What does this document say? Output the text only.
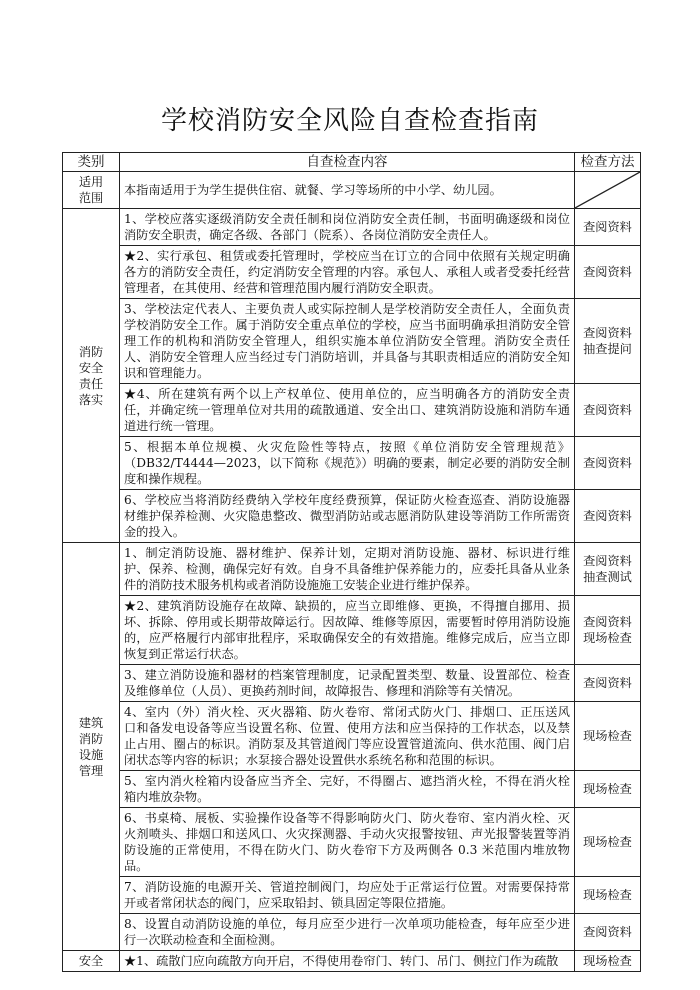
学校消防安全风险自查检查指南
类别	自查检查内容	检查方法

适用
范围	本指南适用于为学生提供住宿、就餐、学习等场所的中小学、幼儿园。	

消防
安全
责任
落实	1、学校应落实逐级消防安全责任制和岗位消防安全责任制，书面明确逐级和岗位消防安全职责，确定各级、各部门（院系）、各岗位消防安全责任人。	查阅资料

	★2、实行承包、租赁或委托管理时，学校应当在订立的合同中依照有关规定明确各方的消防安全责任，约定消防安全管理的内容。承包人、承租人或者受委托经营管理者，在其使用、经营和管理范围内履行消防安全职责。	查阅资料

	3、学校法定代表人、主要负责人或实际控制人是学校消防安全责任人，全面负责学校消防安全工作。属于消防安全重点单位的学校，应当书面明确承担消防安全管理工作的机构和消防安全管理人，组织实施本单位消防安全管理。消防安全责任人、消防安全管理人应当经过专门消防培训，并具备与其职责相适应的消防安全知识和管理能力。	查阅资料
抽查提问

	★4、所在建筑有两个以上产权单位、使用单位的，应当明确各方的消防安全责任，并确定统一管理单位对共用的疏散通道、安全出口、建筑消防设施和消防车通道进行统一管理。	查阅资料

	5、根据本单位规模、火灾危险性等特点，按照《单位消防安全管理规范》（DB32/T4444—2023，以下简称《规范》）明确的要素，制定必要的消防安全制度和操作规程。	查阅资料

	6、学校应当将消防经费纳入学校年度经费预算，保证防火检查巡查、消防设施器材维护保养检测、火灾隐患整改、微型消防站或志愿消防队建设等消防工作所需资金的投入。	查阅资料

建筑
消防
设施
管理	1、制定消防设施、器材维护、保养计划，定期对消防设施、器材、标识进行维护、保养、检测，确保完好有效。自身不具备维护保养能力的，应委托具备从业条件的消防技术服务机构或者消防设施施工安装企业进行维护保养。	查阅资料
抽查测试

	★2、建筑消防设施存在故障、缺损的，应当立即维修、更换，不得擅自挪用、损坏、拆除、停用或长期带故障运行。因故障、维修等原因，需要暂时停用消防设施的，应严格履行内部审批程序，采取确保安全的有效措施。维修完成后，应当立即恢复到正常运行状态。	查阅资料
现场检查

	3、建立消防设施和器材的档案管理制度，记录配置类型、数量、设置部位、检查及维修单位（人员）、更换药剂时间，故障报告、修理和消除等有关情况。	查阅资料

	4、室内（外）消火栓、灭火器箱、防火卷帘、常闭式防火门、排烟口、正压送风口和备发电设备等应当设置名称、位置、使用方法和应当保持的工作状态，以及禁止占用、圈占的标识。消防泵及其管道阀门等应设置管道流向、供水范围、阀门启闭状态等内容的标识；水泵接合器处设置供水系统名称和范围的标识。	现场检查

	5、室内消火栓箱内设备应当齐全、完好，不得圈占、遮挡消火栓，不得在消火栓箱内堆放杂物。	现场检查

	6、书桌椅、展板、实验操作设备等不得影响防火门、防火卷帘、室内消火栓、灭火剂喷头、排烟口和送风口、火灾探测器、手动火灾报警按钮、声光报警装置等消防设施的正常使用，不得在防火门、防火卷帘下方及两侧各 0.3 米范围内堆放物品。	现场检查

	7、消防设施的电源开关、管道控制阀门，均应处于正常运行位置。对需要保持常开或者常闭状态的阀门，应采取铅封、锁具固定等限位措施。	现场检查

	8、设置自动消防设施的单位，每月应至少进行一次单项功能检查，每年应至少进行一次联动检查和全面检测。	查阅资料

安全	★1、疏散门应向疏散方向开启，不得使用卷帘门、转门、吊门、侧拉门作为疏散	现场检查
